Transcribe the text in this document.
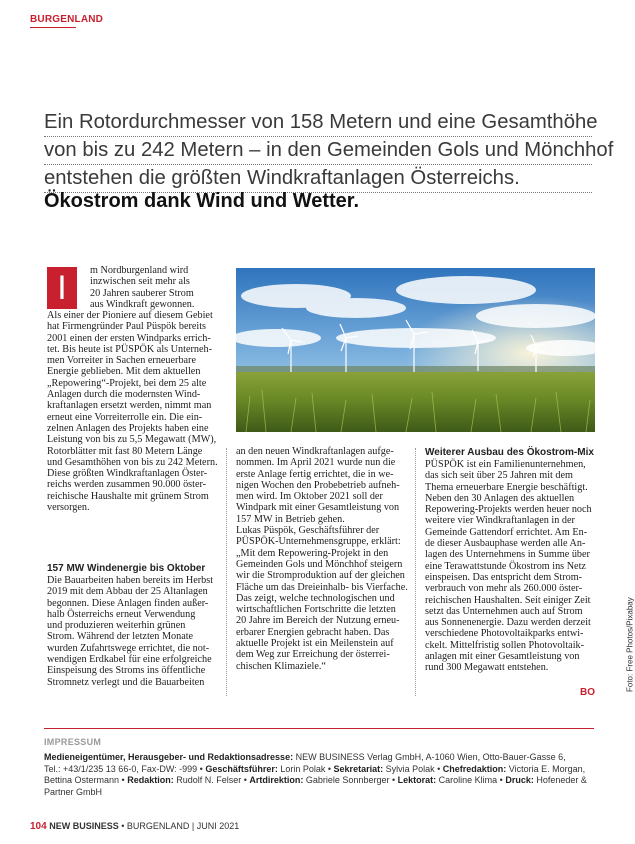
BURGENLAND
Ein Rotordurchmesser von 158 Metern und eine Gesamthöhe
von bis zu 242 Metern – in den Gemeinden Gols und Mönchhof
entstehen die größten Windkraftanlagen Österreichs.
Ökostrom dank Wind und Wetter.
I	m Nordburgenland wird
inzwischen seit mehr als
20 Jahren sauberer Strom
aus Windkraft gewonnen.
Als einer der Pioniere auf diesem Gebiet
hat Firmengründer Paul Püspök bereits
2001 einen der ersten Windparks errich-
tet. Bis heute ist PÜSPÖK als Unterneh-
men Vorreiter in Sachen erneuerbare
Energie geblieben. Mit dem aktuellen
„Repowering“-Projekt, bei dem 25 alte
Anlagen durch die modernsten Wind-
kraftanlagen ersetzt werden, nimmt man
erneut eine Vorreiterrolle ein. Die ein-
zelnen Anlagen des Projekts haben eine
Leistung von bis zu 5,5 Megawatt (MW),
Rotorblätter mit fast 80 Metern Länge
und Gesamthöhen von bis zu 242 Metern.
Diese größten Windkraftanlagen Öster-
reichs werden zusammen 90.000 öster-
reichische Haushalte mit grünem Strom
versorgen.
157 MW Windenergie bis Oktober
Die Bauarbeiten haben bereits im Herbst
2019 mit dem Abbau der 25 Altanlagen
begonnen. Diese Anlagen finden außer-
halb Österreichs erneut Verwendung
und produzieren weiterhin grünen
Strom. Während der letzten Monate
wurden Zufahrtswege errichtet, die not-
wendigen Erdkabel für eine erfolgreiche
Einspeisung des Stroms ins öffentliche
Stromnetz verlegt und die Bauarbeiten
an den neuen Windkraftanlagen aufge-
nommen. Im April 2021 wurde nun die
erste Anlage fertig errichtet, die in we-
nigen Wochen den Probebetrieb aufneh-
men wird. Im Oktober 2021 soll der
Windpark mit einer Gesamtleistung von
157 MW in Betrieb gehen.
Lukas Püspök, Geschäftsführer der
PÜSPÖK-Unternehmensgruppe, erklärt:
„Mit dem Repowering-Projekt in den
Gemeinden Gols und Mönchhof steigern
wir die Stromproduktion auf der gleichen
Fläche um das Dreieinhalb- bis Vierfache.
Das zeigt, welche technologischen und
wirtschaftlichen Fortschritte die letzten
20 Jahre im Bereich der Nutzung erneu-
erbarer Energien gebracht haben. Das
aktuelle Projekt ist ein Meilenstein auf
dem Weg zur Erreichung der österrei-
chischen Klimaziele.“
Weiterer Ausbau des Ökostrom-Mix
PÜSPÖK ist ein Familienunternehmen,
das sich seit über 25 Jahren mit dem
Thema erneuerbare Energie beschäftigt.
Neben den 30 Anlagen des aktuellen
Repowering-Projekts werden heuer noch
weitere vier Windkraftanlagen in der
Gemeinde Gattendorf errichtet. Am En-
de dieser Ausbauphase werden alle An-
lagen des Unternehmens in Summe über
eine Terawattstunde Ökostrom ins Netz
einspeisen. Das entspricht dem Strom-
verbrauch von mehr als 260.000 öster-
reichischen Haushalten. Seit einiger Zeit
setzt das Unternehmen auch auf Strom
aus Sonnenenergie. Dazu werden derzeit
verschiedene Photovoltaikparks entwi-
ckelt. Mittelfristig sollen Photovoltaik-
anlagen mit einer Gesamtleistung von
rund 300 Megawatt entstehen.
BO
IMPRESSUM
Medieneigentümer, Herausgeber- und Redaktionsadresse: NEW BUSINESS Verlag GmbH, A-1060 Wien, Otto-Bauer-Gasse 6,
Tel.: +43/1/235 13 66-0, Fax-DW: -999 • Geschäftsführer: Lorin Polak • Sekretariat: Sylvia Polak • Chefredaktion: Victoria E. Morgan,
Bettina Ostermann • Redaktion: Rudolf N. Felser • Artdirektion: Gabriele Sonnberger • Lektorat: Caroline Klima • Druck: Hofeneder &
Partner GmbH
Foto: Free Photos/Pixabay
104 NEW BUSINESS • BURGENLAND | JUNI 2021
